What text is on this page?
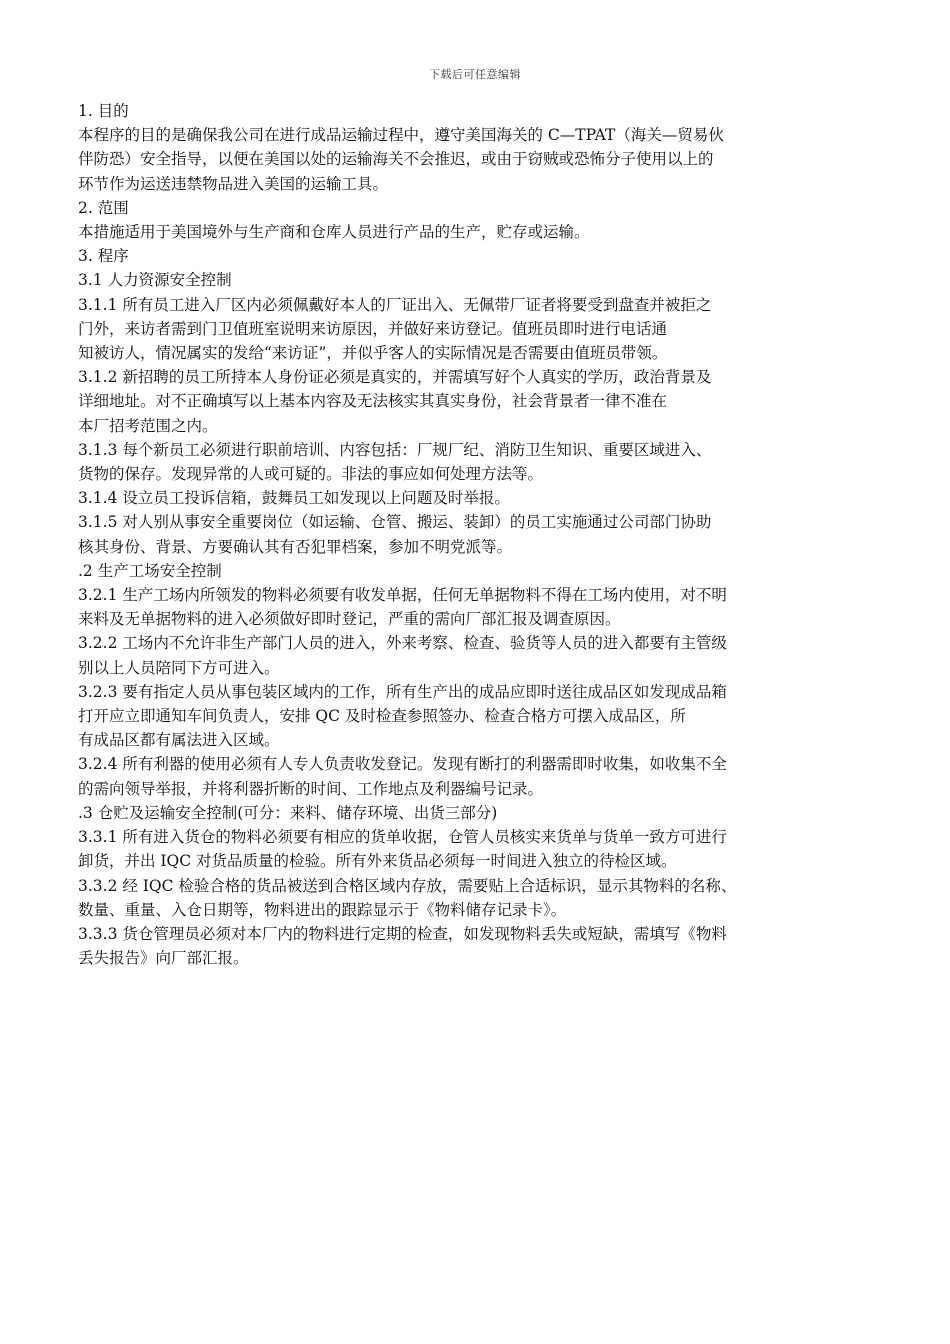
下载后可任意编辑

1. 目的

本程序的目的是确保我公司在进行成品运输过程中，遵守美国海关的 C—TPAT（海关—贸易伙

伴防恐）安全指导，以便在美国以处的运输海关不会推迟，或由于窃贼或恐怖分子使用以上的

环节作为运送违禁物品进入美国的运输工具。

2. 范围

本措施适用于美国境外与生产商和仓库人员进行产品的生产，贮存或运输。

3. 程序

3.1 人力资源安全控制

3.1.1 所有员工进入厂区内必须佩戴好本人的厂证出入、无佩带厂证者将要受到盘查并被拒之

门外，来访者需到门卫值班室说明来访原因，并做好来访登记。值班员即时进行电话通

知被访人，情况属实的发给“来访证”，并似乎客人的实际情况是否需要由值班员带领。

3.1.2 新招聘的员工所持本人身份证必须是真实的，并需填写好个人真实的学历，政治背景及

详细地址。对不正确填写以上基本内容及无法核实其真实身份，社会背景者一律不准在

本厂招考范围之内。

3.1.3 每个新员工必须进行职前培训、内容包括：厂规厂纪、消防卫生知识、重要区域进入、

货物的保存。发现异常的人或可疑的。非法的事应如何处理方法等。

3.1.4 设立员工投诉信箱，鼓舞员工如发现以上问题及时举报。

3.1.5 对人别从事安全重要岗位（如运输、仓管、搬运、装卸）的员工实施通过公司部门协助

核其身份、背景、方要确认其有否犯罪档案，参加不明党派等。

.2 生产工场安全控制

3.2.1 生产工场内所领发的物料必须要有收发单据，任何无单据物料不得在工场内使用，对不明

来料及无单据物料的进入必须做好即时登记，严重的需向厂部汇报及调查原因。

3.2.2 工场内不允许非生产部门人员的进入，外来考察、检查、验货等人员的进入都要有主管级

别以上人员陪同下方可进入。

3.2.3 要有指定人员从事包装区域内的工作，所有生产出的成品应即时送往成品区如发现成品箱

打开应立即通知车间负责人，安排 QC 及时检查参照签办、检查合格方可摆入成品区，所

有成品区都有属法进入区域。

3.2.4 所有利器的使用必须有人专人负责收发登记。发现有断打的利器需即时收集，如收集不全

的需向领导举报，并将利器折断的时间、工作地点及利器编号记录。

.3 仓贮及运输安全控制(可分：来料、储存环境、出货三部分)

3.3.1 所有进入货仓的物料必须要有相应的货单收据，仓管人员核实来货单与货单一致方可进行

卸货，并出 IQC 对货品质量的检验。所有外来货品必须每一时间进入独立的待检区域。

3.3.2 经 IQC 检验合格的货品被送到合格区域内存放，需要贴上合适标识，显示其物料的名称、

数量、重量、入仓日期等，物料进出的跟踪显示于《物料储存记录卡》。

3.3.3 货仓管理员必须对本厂内的物料进行定期的检查，如发现物料丢失或短缺，需填写《物料

丢失报告》向厂部汇报。
